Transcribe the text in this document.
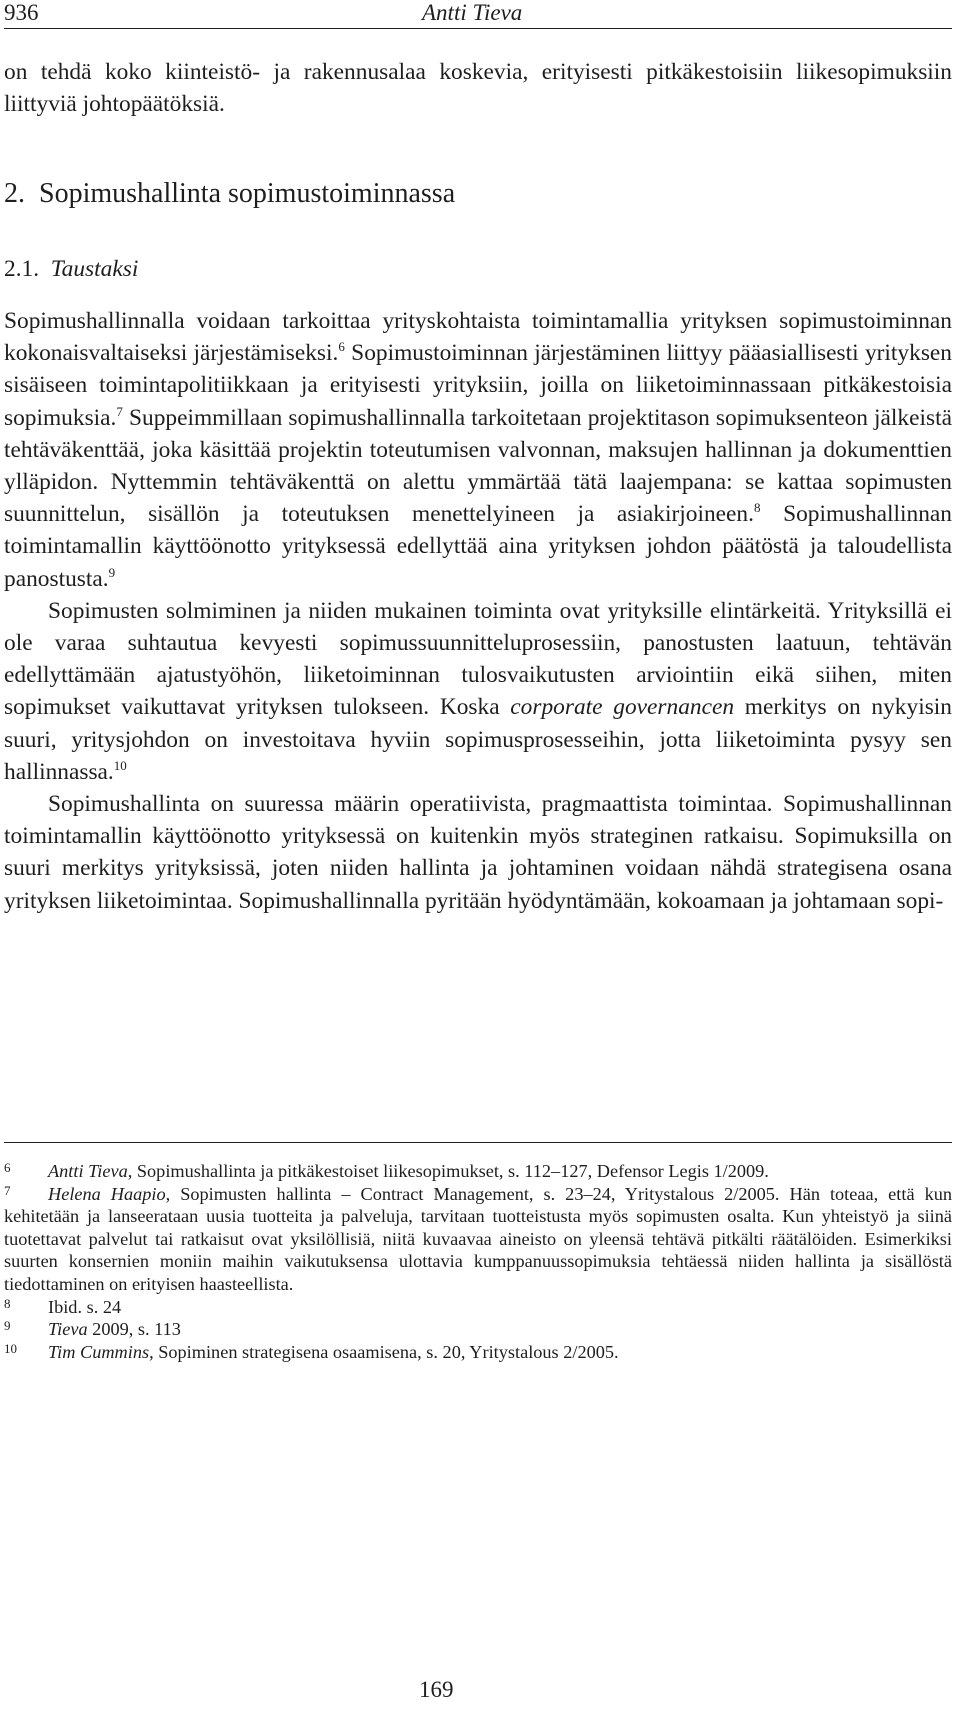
936	Antti Tieva

on tehdä koko kiinteistö- ja rakennusalaa koskevia, erityisesti pitkäkestoisiin liikesopimuksiin liittyviä johtopäätöksiä.

2. Sopimushallinta sopimustoiminnassa
2.1. Taustaksi

Sopimushallinnalla voidaan tarkoittaa yrityskohtaista toimintamallia yrityksen sopimustoiminnan kokonaisvaltaiseksi järjestämiseksi.$^6$ Sopimustoiminnan järjestäminen liittyy pääasiallisesti yrityksen sisäiseen toimintapolitiikkaan ja erityisesti yrityksiin, joilla on liiketoiminnassaan pitkäkestoisia sopimuksia.$^7$ Suppeimmillaan sopimushallinnalla tarkoitetaan projektitason sopimuksenteon jälkeistä tehtäväkenttää, joka käsittää projektin toteutumisen valvonnan, maksujen hallinnan ja dokumenttien ylläpidon. Nyttemmin tehtäväkenttä on alettu ymmärtää tätä laajempana: se kattaa sopimusten suunnittelun, sisällön ja toteutuksen menettelyineen ja asiakirjoineen.$^8$ Sopimushallinnan toimintamallin käyttöönotto yrityksessä edellyttää aina yrityksen johdon päätöstä ja taloudellista panostusta.$^9$

Sopimusten solmiminen ja niiden mukainen toiminta ovat yrityksille elintärkeitä. Yrityksillä ei ole varaa suhtautua kevyesti sopimussuunnitteluprosessiin, panostusten laatuun, tehtävän edellyttämään ajatustyöhön, liiketoiminnan tulosvaikutusten arviointiin eikä siihen, miten sopimukset vaikuttavat yrityksen tulokseen. Koska corporate governancen merkitys on nykyisin suuri, yritysjohdon on investoitava hyviin sopimusprosesseihin, jotta liiketoiminta pysyy sen hallinnassa.$^{10}$

Sopimushallinta on suuressa määrin operatiivista, pragmaattista toimintaa. Sopimushallinnan toimintamallin käyttöönotto yrityksessä on kuitenkin myös strateginen ratkaisu. Sopimuksilla on suuri merkitys yrityksissä, joten niiden hallinta ja johtaminen voidaan nähdä strategisena osana yrityksen liiketoimintaa. Sopimushallinnalla pyritään hyödyntämään, kokoamaan ja johtamaan sopi-

6 Antti Tieva, Sopimushallinta ja pitkäkestoiset liikesopimukset, s. 112–127, Defensor Legis 1/2009.

7 Helena Haapio, Sopimusten hallinta – Contract Management, s. 23–24, Yritystalous 2/2005. Hän toteaa, että kun kehitetään ja lanseerataan uusia tuotteita ja palveluja, tarvitaan tuotteistusta myös sopimusten osalta. Kun yhteistyö ja siinä tuotettavat palvelut tai ratkaisut ovat yksilöllisiä, niitä kuvaavaa aineisto on yleensä tehtävä pitkälti räätälöiden. Esimerkiksi suurten konsernien moniin maihin vaikutuksensa ulottavia kumppanuussopimuksia tehtäessä niiden hallinta ja sisällöstä tiedottaminen on erityisen haasteellista.

8 Ibid. s. 24

9 Tieva 2009, s. 113

10 Tim Cummins, Sopiminen strategisena osaamisena, s. 20, Yritystalous 2/2005.

169
